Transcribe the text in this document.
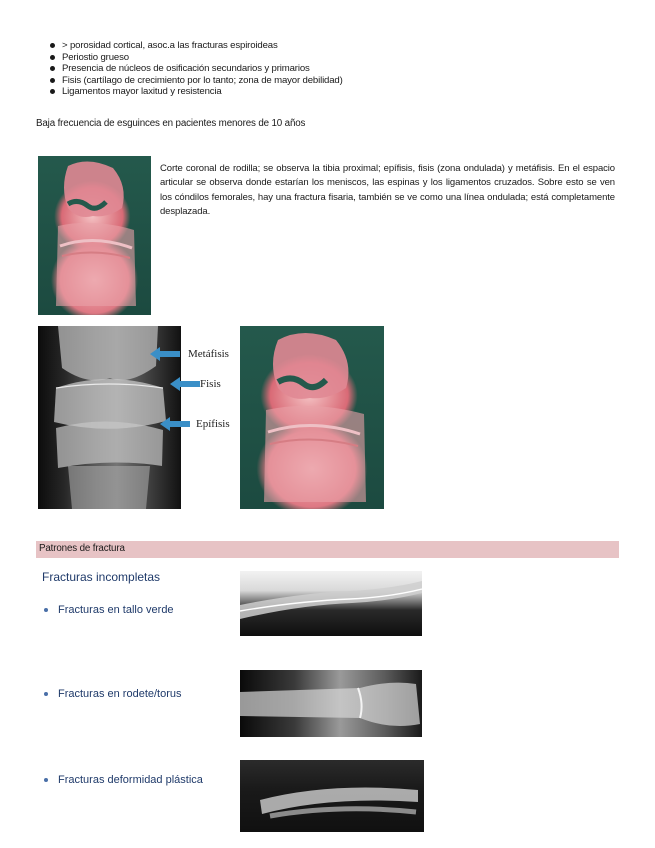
> porosidad cortical, asoc.a las fracturas espiroideas
Periostio grueso
Presencia de núcleos de osificación secundarios y primarios
Fisis (cartílago de crecimiento por lo tanto; zona de mayor debilidad)
Ligamentos mayor laxitud y resistencia
Baja frecuencia de esguinces en pacientes menores de 10 años

Corte coronal de rodilla; se observa la tibia proximal; epífisis, fisis (zona ondulada) y metáfisis. En el espacio articular se observa donde estarían los meniscos, las espinas y los ligamentos cruzados. Sobre esto se ven los cóndilos femorales, hay una fractura fisaria, también se ve como una línea ondulada; está completamente desplazada.

Metáfisis
Fisis
Epífisis
Patrones de fractura
Fracturas incompletas
Fracturas en tallo verde
Fracturas en rodete/torus
Fracturas deformidad plástica
